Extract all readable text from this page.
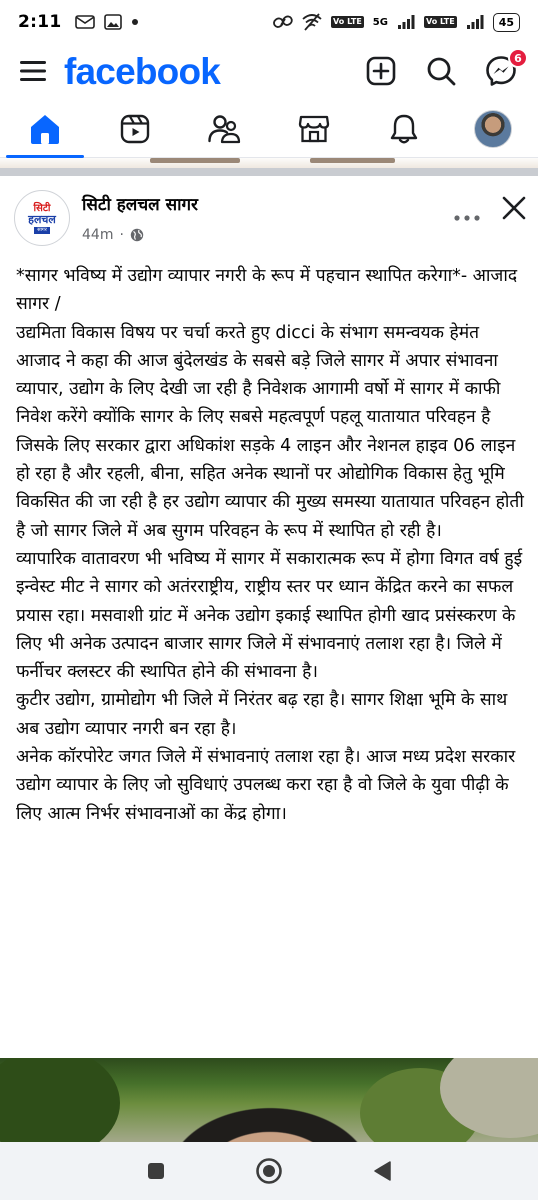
2:11	Vo LTE 5G	Vo LTE	45
facebook	6
सिटी
हलचल
सागर
सिटी हलचल सागर
44m ·
*सागर भविष्य में उद्योग व्यापार नगरी के रूप में पहचान स्थापित करेगा*- आजाद
सागर /
उद्यमिता विकास विषय पर चर्चा करते हुए dicci के संभाग समन्वयक हेमंत आजाद ने कहा की आज बुंदेलखंड के सबसे बड़े जिले सागर में अपार संभावना व्यापार, उद्योग के लिए देखी जा रही है निवेशक आगामी वर्षो में सागर में काफी निवेश करेंगे क्योंकि सागर के लिए सबसे महत्वपूर्ण पहलू यातायात परिवहन है जिसके लिए सरकार द्वारा अधिकांश सड़के 4 लाइन और नेशनल हाइव 06 लाइन हो रहा है और रहली, बीना, सहित अनेक स्थानों पर ओद्योगिक विकास हेतु भूमि विकसित की जा रही है हर उद्योग व्यापार की मुख्य समस्या यातायात परिवहन होती है जो सागर जिले में अब सुगम परिवहन के रूप में स्थापित हो रही है।
व्यापारिक वातावरण भी भविष्य में सागर में सकारात्मक रूप में होगा विगत वर्ष हुई इन्वेस्ट मीट ने सागर को अतंरराष्ट्रीय, राष्ट्रीय स्तर पर ध्यान केंद्रित करने का सफल प्रयास रहा। मसवाशी ग्रांट में अनेक उद्योग इकाई स्थापित होगी खाद प्रसंस्करण के लिए भी अनेक उत्पादन बाजार सागर जिले में संभावनाएं तलाश रहा है। जिले में फर्नीचर क्लस्टर की स्थापित होने की संभावना है।
कुटीर उद्योग, ग्रामोद्योग भी जिले में निरंतर बढ़ रहा है। सागर शिक्षा भूमि के साथ अब उद्योग व्यापार नगरी बन रहा है।
अनेक कॉरपोरेट जगत जिले में संभावनाएं तलाश रहा है। आज मध्य प्रदेश सरकार उद्योग व्यापार के लिए जो सुविधाएं उपलब्ध करा रहा है वो जिले के युवा पीढ़ी के लिए आत्म निर्भर संभावनाओं का केंद्र होगा।
